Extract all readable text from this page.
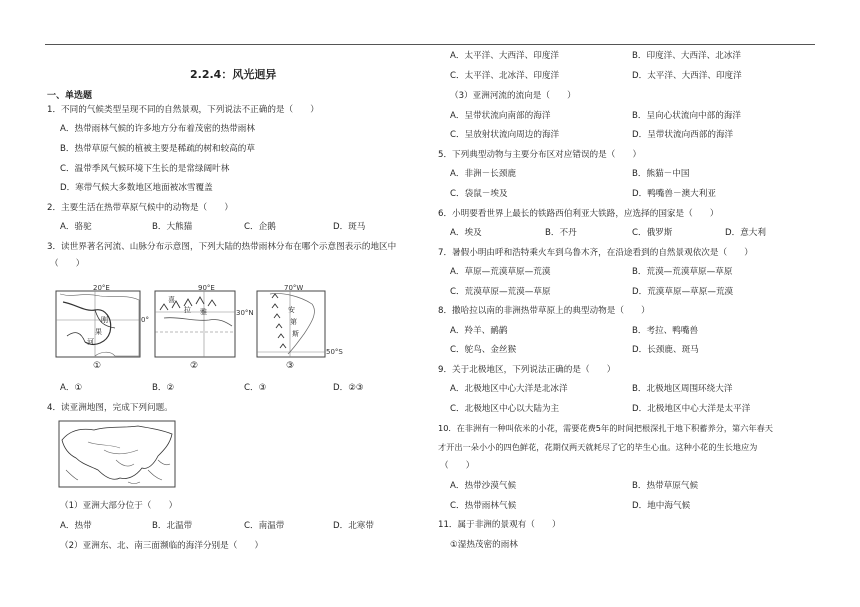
2.2.4：风光迥异
一、单选题
1．不同的气候类型呈现不同的自然景观，下列说法不正确的是（　　）
A．热带雨林气候的许多地方分布着茂密的热带雨林
B．热带草原气候的植被主要是稀疏的树和较高的草
C．温带季风气候环境下生长的是常绿阔叶林
D．寒带气候大多数地区地面被冰雪覆盖
2．主要生活在热带草原气候中的动物是（　　）
A．骆驼	B．大熊猫	C．企鹅	D．斑马
3．读世界著名河流、山脉分布示意图，下列大陆的热带雨林分布在哪个示意图表示的地区中
（　　）
20°E
刚
果
河
0°
①
90°E
喜
拉 雅	30°N
②
70°W
安
第
斯
50°S
③
A．①	B．②	C．③	D．②③
4．读亚洲地图，完成下列问题。
（1）亚洲大部分位于（　　）
A．热带	B．北温带	C．南温带	D．北寒带
（2）亚洲东、北、南三面濒临的海洋分别是（　　）
A．太平洋、大西洋、印度洋	B．印度洋、大西洋、北冰洋
C．太平洋、北冰洋、印度洋	D．太平洋、大西洋、印度洋
（3）亚洲河流的流向是（　　）
A．呈带状流向南部的海洋	B．呈向心状流向中部的海洋
C．呈放射状流向周边的海洋	D．呈带状流向西部的海洋
5．下列典型动物与主要分布区对应错误的是（　　）
A．非洲－长颈鹿	B．熊猫－中国
C．袋鼠－埃及	D．鸭嘴兽－澳大利亚
6．小明要看世界上最长的铁路西伯利亚大铁路，应选择的国家是（　　）
A．埃及	B．不丹	C．俄罗斯	D．意大利
7．暑假小明由呼和浩特乘火车到乌鲁木齐，在沿途看到的自然景观依次是（　　）
A．草原—荒漠草原—荒漠	B．荒漠—荒漠草原—草原
C．荒漠草原—荒漠—草原	D．荒漠草原—草原—荒漠
8．撒哈拉以南的非洲热带草原上的典型动物是（　　）
A．羚羊、鸸鹋	B．考拉、鸭嘴兽
C．鸵鸟、金丝猴	D．长颈鹿、斑马
9．关于北极地区，下列说法正确的是（　　）
A．北极地区中心大洋是北冰洋	B．北极地区周围环绕大洋
C．北极地区中心以大陆为主	D．北极地区中心大洋是太平洋
10．在非洲有一种叫依米的小花，需要花费5年的时间把根深扎于地下积蓄养分，第六年春天
才开出一朵小小的四色鲜花，花期仅两天就耗尽了它的毕生心血。这种小花的生长地应为
（　　）
A．热带沙漠气候	B．热带草原气候
C．热带雨林气候	D．地中海气候
11．属于非洲的景观有（　　）
①湿热茂密的雨林
